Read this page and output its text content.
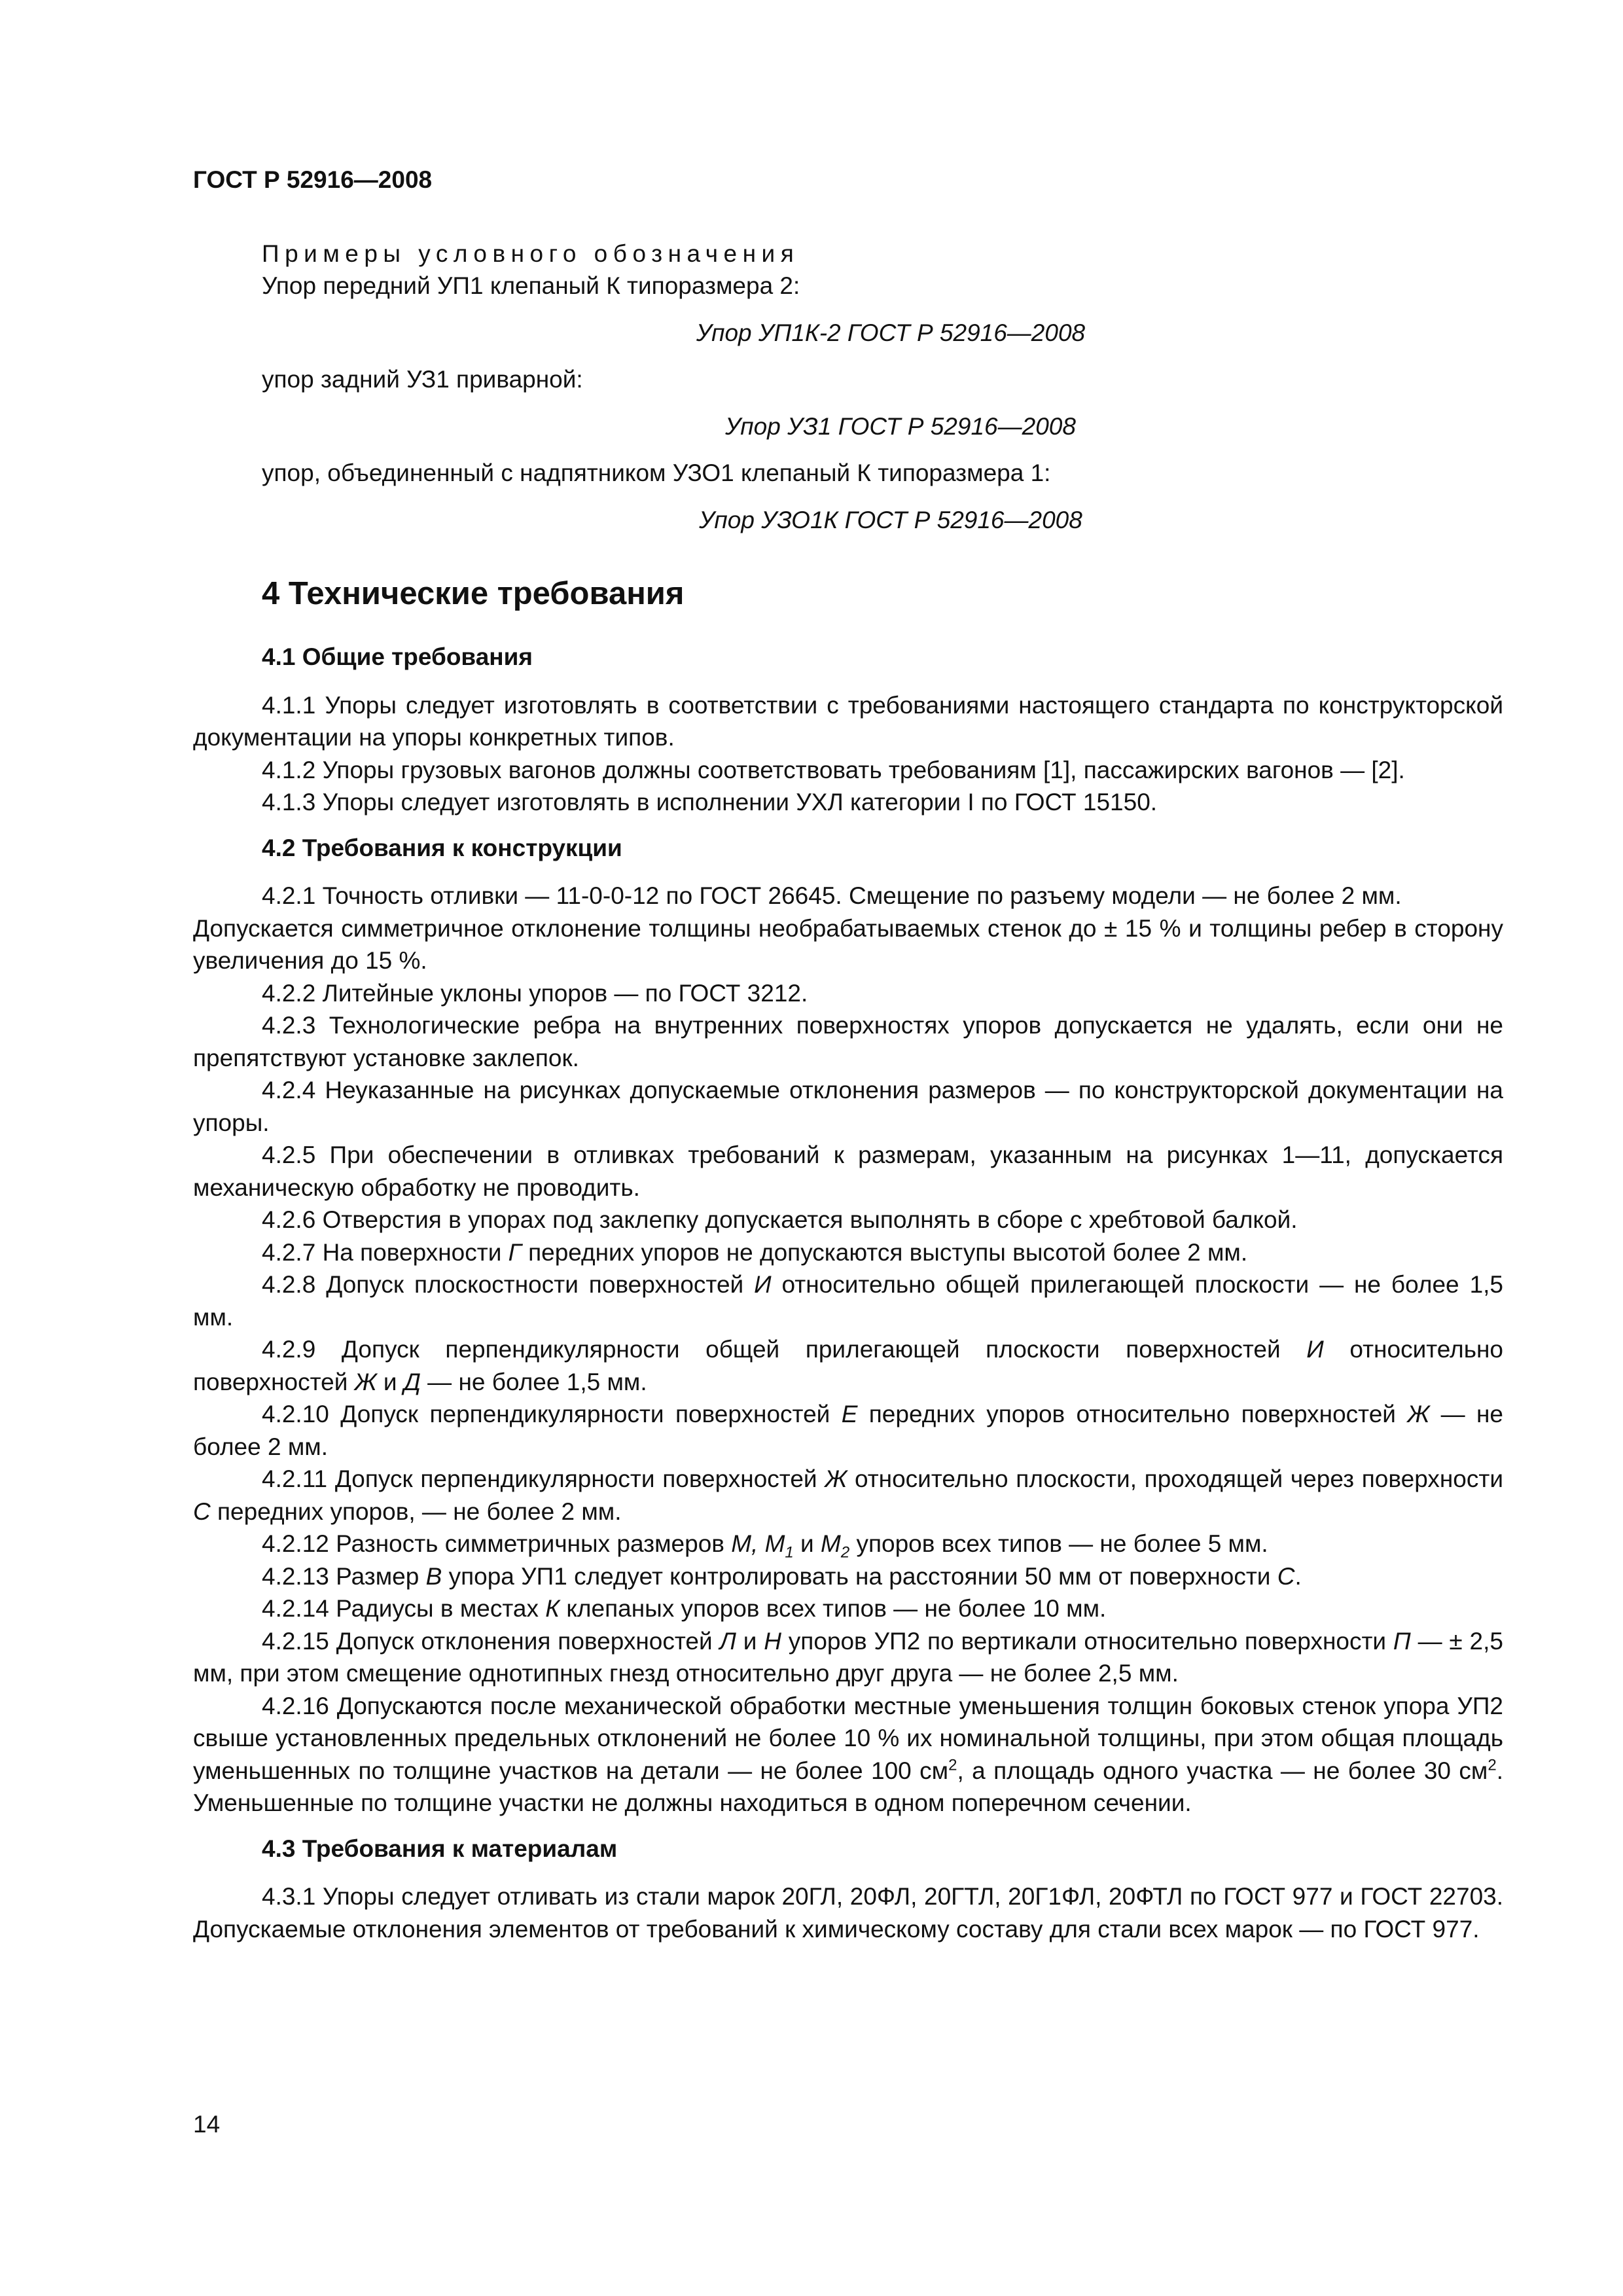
ГОСТ Р 52916—2008

Примеры условного обозначения

Упор передний УП1 клепаный К типоразмера 2:

Упор УП1К-2 ГОСТ Р 52916—2008

упор задний УЗ1 приварной:

Упор УЗ1 ГОСТ Р 52916—2008

упор, объединенный с надпятником УЗО1 клепаный К типоразмера 1:

Упор УЗО1К ГОСТ Р 52916—2008

4 Технические требования
4.1 Общие требования

4.1.1 Упоры следует изготовлять в соответствии с требованиями настоящего стандарта по конструкторской документации на упоры конкретных типов.

4.1.2 Упоры грузовых вагонов должны соответствовать требованиям [1], пассажирских вагонов — [2].

4.1.3 Упоры следует изготовлять в исполнении УХЛ категории I по ГОСТ 15150.

4.2 Требования к конструкции

4.2.1 Точность отливки — 11-0-0-12 по ГОСТ 26645. Смещение по разъему модели — не более 2 мм.

Допускается симметричное отклонение толщины необрабатываемых стенок до ± 15 % и толщины ребер в сторону увеличения до 15 %.

4.2.2 Литейные уклоны упоров — по ГОСТ 3212.

4.2.3 Технологические ребра на внутренних поверхностях упоров допускается не удалять, если они не препятствуют установке заклепок.

4.2.4 Неуказанные на рисунках допускаемые отклонения размеров — по конструкторской документации на упоры.

4.2.5 При обеспечении в отливках требований к размерам, указанным на рисунках 1—11, допускается механическую обработку не проводить.

4.2.6 Отверстия в упорах под заклепку допускается выполнять в сборе с хребтовой балкой.

4.2.7 На поверхности Г передних упоров не допускаются выступы высотой более 2 мм.

4.2.8 Допуск плоскостности поверхностей И относительно общей прилегающей плоскости — не более 1,5 мм.

4.2.9 Допуск перпендикулярности общей прилегающей плоскости поверхностей И относительно поверхностей Ж и Д — не более 1,5 мм.

4.2.10 Допуск перпендикулярности поверхностей Е передних упоров относительно поверхностей Ж — не более 2 мм.

4.2.11 Допуск перпендикулярности поверхностей Ж относительно плоскости, проходящей через поверхности С передних упоров, — не более 2 мм.

4.2.12 Разность симметричных размеров М, $М_1$ и $М_2$ упоров всех типов — не более 5 мм.

4.2.13 Размер В упора УП1 следует контролировать на расстоянии 50 мм от поверхности С.

4.2.14 Радиусы в местах К клепаных упоров всех типов — не более 10 мм.

4.2.15 Допуск отклонения поверхностей Л и Н упоров УП2 по вертикали относительно поверхности П — ± 2,5 мм, при этом смещение однотипных гнезд относительно друг друга — не более 2,5 мм.

4.2.16 Допускаются после механической обработки местные уменьшения толщин боковых стенок упора УП2 свыше установленных предельных отклонений не более 10 % их номинальной толщины, при этом общая площадь уменьшенных по толщине участков на детали — не более 100 $см^2$, а площадь одного участка — не более 30 $см^2$. Уменьшенные по толщине участки не должны находиться в одном поперечном сечении.

4.3 Требования к материалам

4.3.1 Упоры следует отливать из стали марок 20ГЛ, 20ФЛ, 20ГТЛ, 20Г1ФЛ, 20ФТЛ по ГОСТ 977 и ГОСТ 22703. Допускаемые отклонения элементов от требований к химическому составу для стали всех марок — по ГОСТ 977.

14
